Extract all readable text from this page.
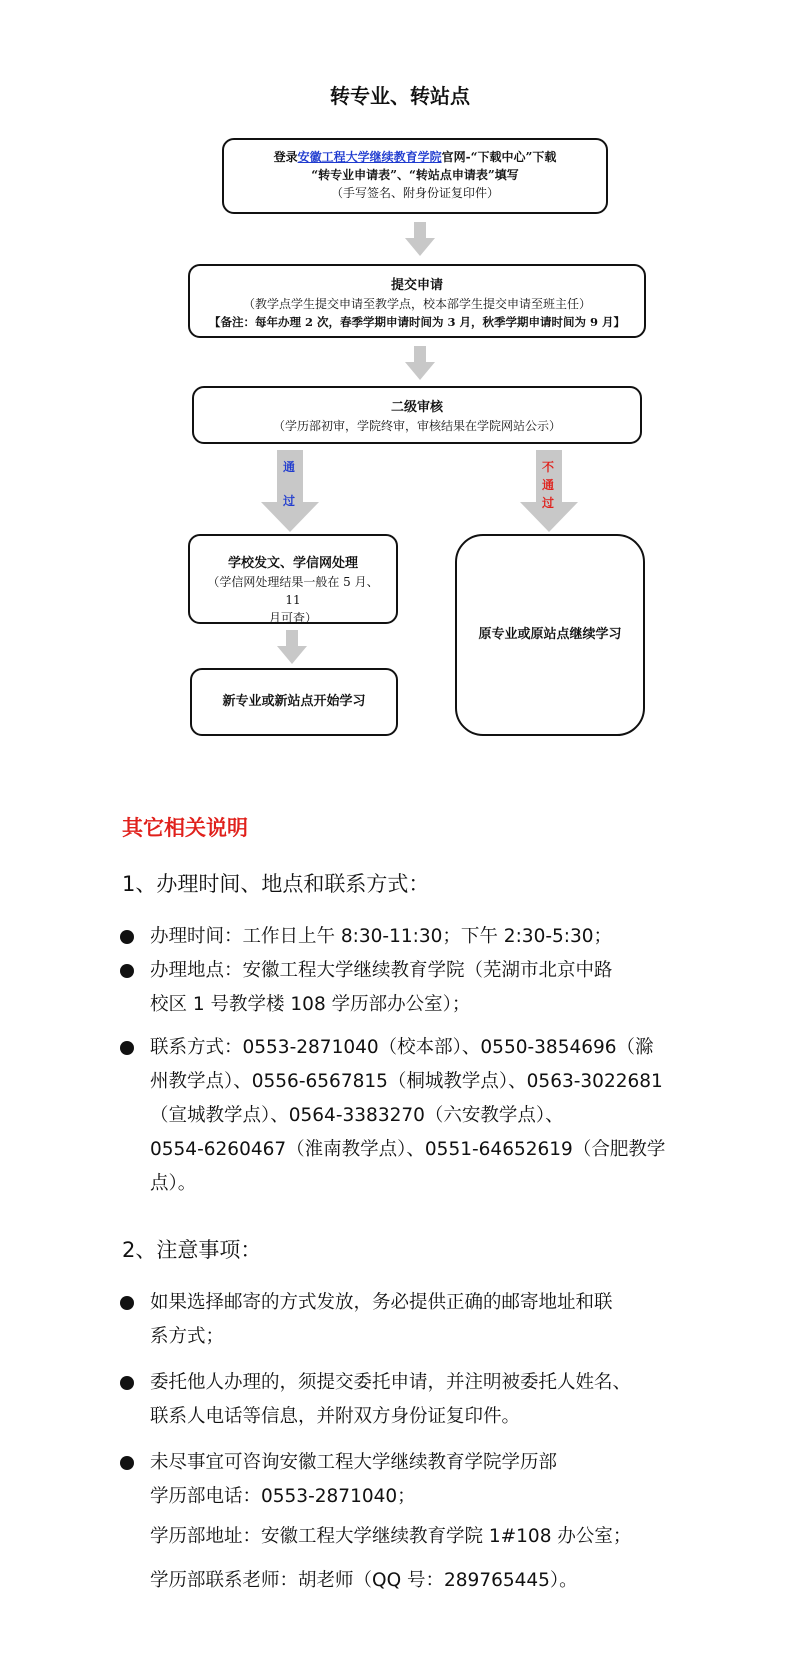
转专业、转站点
登录安徽工程大学继续教育学院官网-“下载中心”下载
“转专业申请表”、“转站点申请表”填写
（手写签名、附身份证复印件）
提交申请
（教学点学生提交申请至教学点，校本部学生提交申请至班主任）
【备注：每年办理 2 次，春季学期申请时间为 3 月，秋季学期申请时间为 9 月】
二级审核
（学历部初审，学院终审，审核结果在学院网站公示）
通
过
不
通
过
学校发文、学信网处理
（学信网处理结果一般在 5 月、11
月可查）
原专业或原站点继续学习
新专业或新站点开始学习
其它相关说明
1、办理时间、地点和联系方式：
办理时间：工作日上午 8:30-11:30；下午 2:30-5:30；
办理地点：安徽工程大学继续教育学院（芜湖市北京中路
校区 1 号教学楼 108 学历部办公室）；
联系方式：0553-2871040（校本部）、0550-3854696（滁
州教学点）、0556-6567815（桐城教学点）、0563-3022681
（宣城教学点）、0564-3383270（六安教学点）、
0554-6260467（淮南教学点）、0551-64652619（合肥教学
点）。
2、注意事项：
如果选择邮寄的方式发放，务必提供正确的邮寄地址和联
系方式；
委托他人办理的，须提交委托申请，并注明被委托人姓名、
联系人电话等信息，并附双方身份证复印件。
未尽事宜可咨询安徽工程大学继续教育学院学历部
学历部电话：0553-2871040；
学历部地址：安徽工程大学继续教育学院 1#108 办公室；
学历部联系老师：胡老师（QQ 号：289765445）。
